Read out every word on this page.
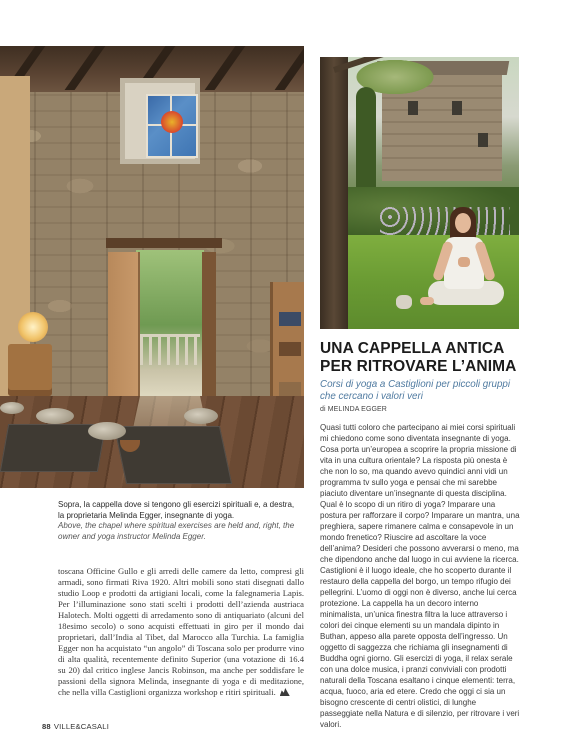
Sopra, la cappella dove si tengono gli esercizi spirituali e, a destra, la proprietaria Melinda Egger, insegnante di yoga.
Above, the chapel where spiritual exercises are held and, right, the owner and yoga instructor Melinda Egger.
toscana Officine Gullo e gli arredi delle camere da letto, compresi gli armadi, sono firmati Riva 1920. Altri mobili sono stati disegnati dallo studio Loop e prodotti da artigiani locali, come la falegnameria Lapis. Per l’illuminazione sono stati scelti i prodotti dell’azienda austriaca Halotech. Molti oggetti di arredamento sono di antiquariato (alcuni del 18esimo secolo) o sono acquisti effettuati in giro per il mondo dai proprietari, dall’India al Tibet, dal Marocco alla Turchia. La famiglia Egger non ha acquistato “un angolo” di Toscana solo per produrre vino di alta qualità, recentemente definito Superior (una votazione di 16.4 su 20) dal critico inglese Jancis Robinson, ma anche per soddisfare le passioni della signora Melinda, insegnante di yoga e di meditazione, che nella villa Castiglioni organizza workshop e ritiri spirituali.
UNA CAPPELLA ANTICA
PER RITROVARE L’ANIMA
Corsi di yoga a Castiglioni per piccoli gruppi che cercano i valori veri
di MELINDA EGGER
Quasi tutti coloro che partecipano ai miei corsi spirituali mi chiedono come sono diventata insegnante di yoga. Cosa porta un’europea a scoprire la propria missione di vita in una cultura orientale? La risposta più onesta è che non lo so, ma quando avevo quindici anni vidi un programma tv sullo yoga e pensai che mi sarebbe piaciuto diventare un’insegnante di questa disciplina. Qual è lo scopo di un ritiro di yoga? Imparare una postura per rafforzare il corpo? Imparare un mantra, una preghiera, sapere rimanere calma e consapevole in un mondo frenetico? Riuscire ad ascoltare la voce dell’anima? Desideri che possono avverarsi o meno, ma che dipendono anche dal luogo in cui avviene la ricerca. Castiglioni è il luogo ideale, che ho scoperto durante il restauro della cappella del borgo, un tempo rifugio dei pellegrini. L’uomo di oggi non è diverso, anche lui cerca protezione. La cappella ha un decoro interno minimalista, un’unica finestra filtra la luce attraverso i colori dei cinque elementi su un mandala dipinto in Buthan, appeso alla parete opposta dell’ingresso. Un oggetto di saggezza che richiama gli insegnamenti di Buddha ogni giorno. Gli esercizi di yoga, il relax serale con una dolce musica, i pranzi conviviali con prodotti naturali della Toscana esaltano i cinque elementi: terra, acqua, fuoco, aria ed etere. Credo che oggi ci sia un bisogno crescente di centri olistici, di lunghe passeggiate nella Natura e di silenzio, per ritrovare i veri valori.
88 VILLE&CASALI
